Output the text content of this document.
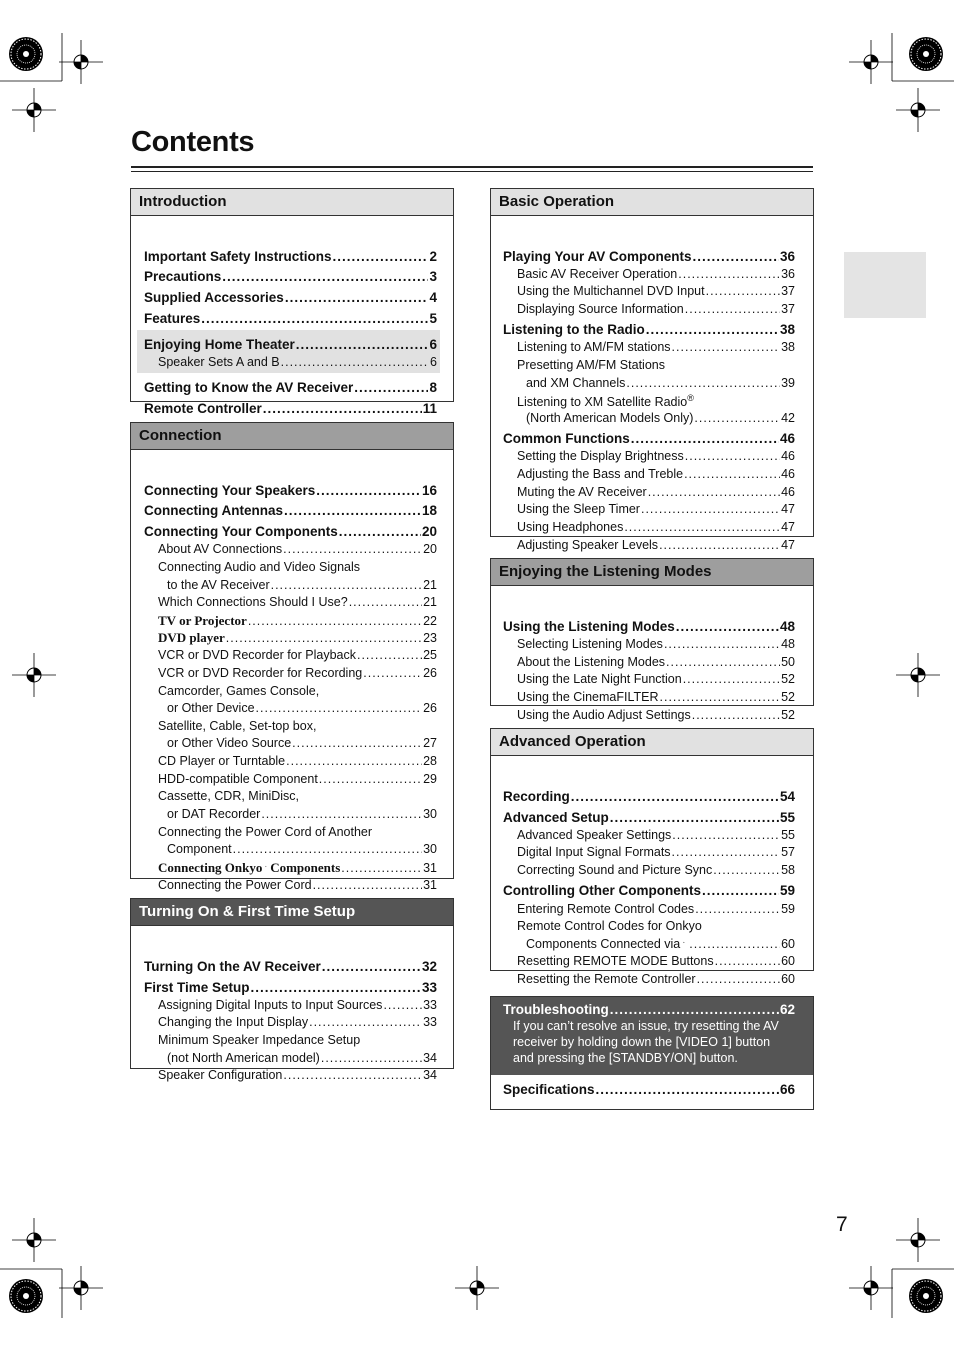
Contents
7
Introduction
Important Safety Instructions .....	2
Precautions .....	3
Supplied Accessories .....	4
Features .....	5
Enjoying Home Theater .....	6
Speaker Sets A and B .....	6
Getting to Know the AV Receiver .....	8
Remote Controller .....	11
Connection
Connecting Your Speakers .....	16
Connecting Antennas .....	18
Connecting Your Components .....	20
About AV Connections .....	20
Connecting Audio and Video Signals
to the AV Receiver .....	21
Which Connections Should I Use? .....	21
TV or Projector .....	22
DVD player .....	23
VCR or DVD Recorder for Playback .....	25
VCR or DVD Recorder for Recording .....	26
Camcorder, Games Console,
or Other Device .....	26
Satellite, Cable, Set-top box,
or Other Video Source .....	27
CD Player or Turntable .....	28
HDD-compatible Component .....	29
Cassette, CDR, MiniDisc,
or DAT Recorder .....	30
Connecting the Power Cord of Another
Component .....	30
Connecting Onkyo Components .....	31
Connecting the Power Cord .....	31
Turning On & First Time Setup
Turning On the AV Receiver .....	32
First Time Setup .....	33
Assigning Digital Inputs to Input Sources .....	33
Changing the Input Display .....	33
Minimum Speaker Impedance Setup
(not North American model) .....	34
Speaker Configuration .....	34
Basic Operation
Playing Your AV Components .....	36
Basic AV Receiver Operation .....	36
Using the Multichannel DVD Input .....	37
Displaying Source Information .....	37
Listening to the Radio .....	38
Listening to AM/FM stations .....	38
Presetting AM/FM Stations
and XM Channels .....	39
Listening to XM Satellite Radio®
(North American Models Only) .....	42
Common Functions .....	46
Setting the Display Brightness .....	46
Adjusting the Bass and Treble .....	46
Muting the AV Receiver .....	46
Using the Sleep Timer .....	47
Using Headphones .....	47
Adjusting Speaker Levels .....	47
Enjoying the Listening Modes
Using the Listening Modes .....	48
Selecting Listening Modes .....	48
About the Listening Modes .....	50
Using the Late Night Function .....	52
Using the CinemaFILTER .....	52
Using the Audio Adjust Settings .....	52
Advanced Operation
Recording .....	54
Advanced Setup .....	55
Advanced Speaker Settings .....	55
Digital Input Signal Formats .....	57
Correcting Sound and Picture Sync .....	58
Controlling Other Components .....	59
Entering Remote Control Codes .....	59
Remote Control Codes for Onkyo
Components Connected via .....	60
Resetting REMOTE MODE Buttons .....	60
Resetting the Remote Controller .....	60
Troubleshooting .....	62
If you can’t resolve an issue, try resetting the AV
receiver by holding down the [VIDEO 1] button
and pressing the [STANDBY/ON] button.
Specifications .....	66
